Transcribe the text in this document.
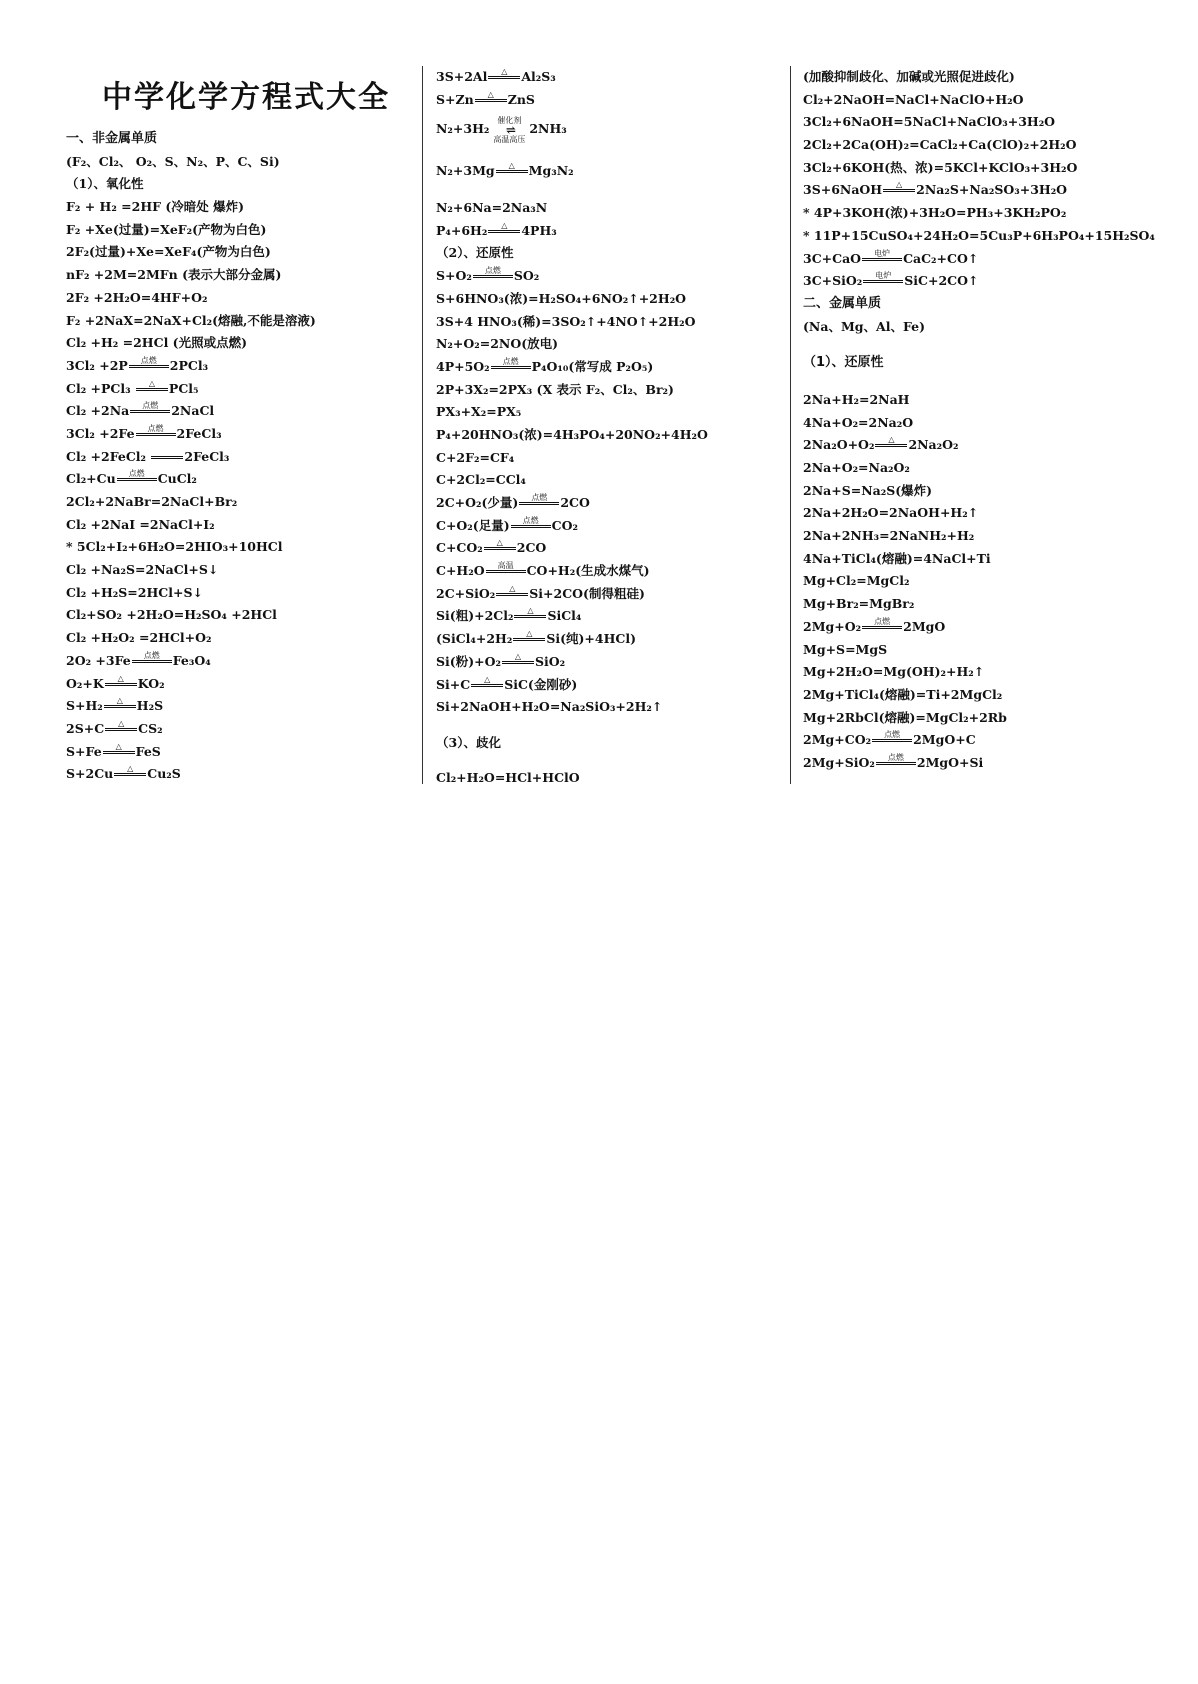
中学化学方程式大全
一、非金属单质
(F₂、Cl₂、 O₂、S、N₂、P、C、Si)
（1）、氧化性
F₂ + H₂ =2HF (冷暗处 爆炸)
F₂ +Xe(过量)=XeF₂(产物为白色)
2F₂(过量)+Xe=XeF₄(产物为白色)
nF₂ +2M=2MFn (表示大部分金属)
2F₂ +2H₂O=4HF+O₂
F₂ +2NaX=2NaX+Cl₂(熔融,不能是溶液)
Cl₂ +H₂ =2HCl (光照或点燃)
3Cl₂ +2P	点燃	2PCl₃
Cl₂ +PCl₃	△	PCl₅
Cl₂ +2Na	点燃	2NaCl
3Cl₂ +2Fe	点燃	2FeCl₃
Cl₂ +2FeCl₂	2FeCl₃
Cl₂+Cu	点燃	CuCl₂
2Cl₂+2NaBr=2NaCl+Br₂
Cl₂ +2NaI =2NaCl+I₂
* 5Cl₂+I₂+6H₂O=2HIO₃+10HCl
Cl₂ +Na₂S=2NaCl+S↓
Cl₂ +H₂S=2HCl+S↓
Cl₂+SO₂ +2H₂O=H₂SO₄ +2HCl
Cl₂ +H₂O₂ =2HCl+O₂
2O₂ +3Fe	点燃	Fe₃O₄
O₂+K	△	KO₂
S+H₂	△	H₂S
2S+C	△	CS₂
S+Fe	△	FeS
S+2Cu	△	Cu₂S
3S+2Al	△	Al₂S₃
S+Zn	△	ZnS
N₂+3H₂
催化剂
⇌
高温高压
2NH₃
N₂+3Mg	△	Mg₃N₂
N₂+6Na=2Na₃N
P₄+6H₂	△	4PH₃
（2）、还原性
S+O₂	点燃	SO₂
S+6HNO₃(浓)=H₂SO₄+6NO₂↑+2H₂O
3S+4 HNO₃(稀)=3SO₂↑+4NO↑+2H₂O
N₂+O₂=2NO(放电)
4P+5O₂	点燃	P₄O₁₀(常写成 P₂O₅)
2P+3X₂=2PX₃ (X 表示 F₂、Cl₂、Br₂)
PX₃+X₂=PX₅
P₄+20HNO₃(浓)=4H₃PO₄+20NO₂+4H₂O
C+2F₂=CF₄
C+2Cl₂=CCl₄
2C+O₂(少量)	点燃	2CO
C+O₂(足量)	点燃	CO₂
C+CO₂	△	2CO
C+H₂O	高温	CO+H₂(生成水煤气)
2C+SiO₂	△	Si+2CO(制得粗硅)
Si(粗)+2Cl₂	△	SiCl₄
(SiCl₄+2H₂	△	Si(纯)+4HCl)
Si(粉)+O₂	△	SiO₂
Si+C	△	SiC(金刚砂)
Si+2NaOH+H₂O=Na₂SiO₃+2H₂↑
（3）、歧化
Cl₂+H₂O=HCl+HClO
(加酸抑制歧化、加碱或光照促进歧化)
Cl₂+2NaOH=NaCl+NaClO+H₂O
3Cl₂+6NaOH=5NaCl+NaClO₃+3H₂O
2Cl₂+2Ca(OH)₂=CaCl₂+Ca(ClO)₂+2H₂O
3Cl₂+6KOH(热、浓)=5KCl+KClO₃+3H₂O
3S+6NaOH	△	2Na₂S+Na₂SO₃+3H₂O
* 4P+3KOH(浓)+3H₂O=PH₃+3KH₂PO₂
* 11P+15CuSO₄+24H₂O=5Cu₃P+6H₃PO₄+15H₂SO₄
3C+CaO	电炉	CaC₂+CO↑
3C+SiO₂	电炉	SiC+2CO↑
二、金属单质
(Na、Mg、Al、Fe)
（1）、还原性
2Na+H₂=2NaH
4Na+O₂=2Na₂O
2Na₂O+O₂	△	2Na₂O₂
2Na+O₂=Na₂O₂
2Na+S=Na₂S(爆炸)
2Na+2H₂O=2NaOH+H₂↑
2Na+2NH₃=2NaNH₂+H₂
4Na+TiCl₄(熔融)=4NaCl+Ti
Mg+Cl₂=MgCl₂
Mg+Br₂=MgBr₂
2Mg+O₂	点燃	2MgO
Mg+S=MgS
Mg+2H₂O=Mg(OH)₂+H₂↑
2Mg+TiCl₄(熔融)=Ti+2MgCl₂
Mg+2RbCl(熔融)=MgCl₂+2Rb
2Mg+CO₂	点燃	2MgO+C
2Mg+SiO₂	点燃	2MgO+Si
